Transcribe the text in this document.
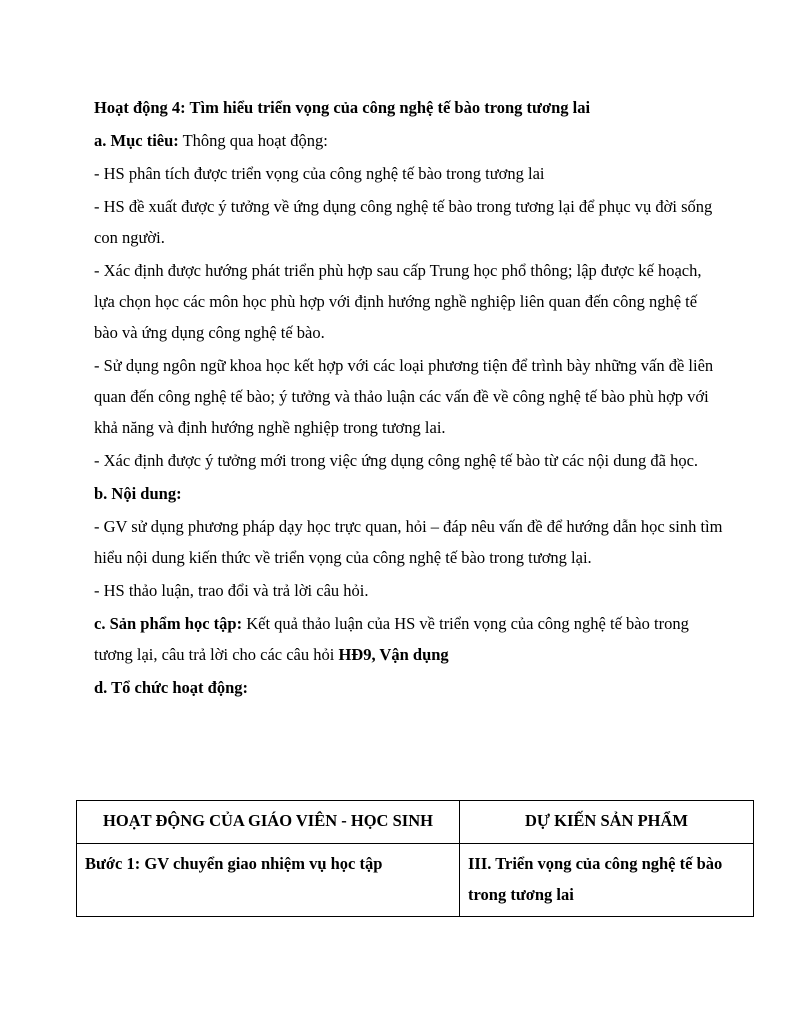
Hoạt động 4: Tìm hiểu triển vọng của công nghệ tế bào trong tương lai

a. Mục tiêu: Thông qua hoạt động:

- HS phân tích được triển vọng của công nghệ tế bào trong tương lai

- HS đề xuất được ý tưởng về ứng dụng công nghệ tế bào trong tương lại để phục vụ đời sống con người.

- Xác định được hướng phát triển phù hợp sau cấp Trung học phổ thông; lập được kế hoạch, lựa chọn học các môn học phù hợp với định hướng nghề nghiệp liên quan đến công nghệ tế bào và ứng dụng công nghệ tế bào.

- Sử dụng ngôn ngữ khoa học kết hợp với các loại phương tiện để trình bày những vấn đề liên quan đến công nghệ tế bào; ý tưởng và thảo luận các vấn đề về công nghệ tế bào phù hợp với khả năng và định hướng nghề nghiệp trong tương lai.

- Xác định được ý tưởng mới trong việc ứng dụng công nghệ tế bào từ các nội dung đã học.

b. Nội dung:

- GV sử dụng phương pháp dạy học trực quan, hỏi – đáp nêu vấn đề để hướng dẫn học sinh tìm hiểu nội dung kiến thức về triển vọng của công nghệ tế bào trong tương lại.

- HS thảo luận, trao đổi và trả lời câu hỏi.

c. Sản phẩm học tập: Kết quả thảo luận của HS về triển vọng của công nghệ tế bào trong tương lại, câu trả lời cho các câu hỏi HĐ9, Vận dụng

d. Tổ chức hoạt động:

HOẠT ĐỘNG CỦA GIÁO VIÊN - HỌC SINH	DỰ KIẾN SẢN PHẨM
Bước 1: GV chuyển giao nhiệm vụ học tập	III. Triển vọng của công nghệ tế bào trong tương lai
